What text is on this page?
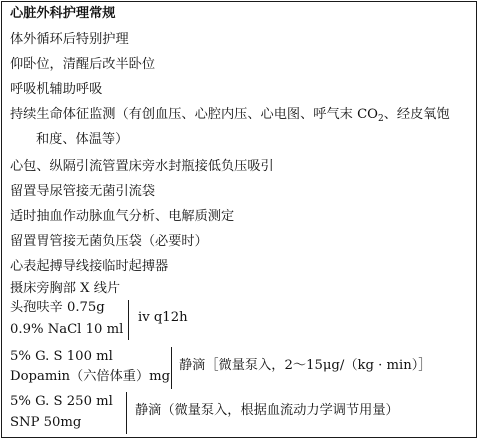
心脏外科护理常规
体外循环后特别护理
仰卧位，清醒后改半卧位
呼吸机辅助呼吸
持续生命体征监测（有创血压、心腔内压、心电图、呼气末 $CO_2$、经皮氧饱
和度、体温等）
心包、纵隔引流管置床旁水封瓶接低负压吸引
留置导尿管接无菌引流袋
适时抽血作动脉血气分析、电解质测定
留置胃管接无菌负压袋（必要时）
心表起搏导线接临时起搏器
摄床旁胸部 X 线片
头孢呋辛 0.75g
0.9% NaCl 10 ml
iv q12h
5% G. S 100 ml
Dopamin（六倍体重）mg
静滴［微量泵入，2～15μg/（kg · min）］
5% G. S 250 ml
SNP 50mg
静滴（微量泵入，根据血流动力学调节用量）
